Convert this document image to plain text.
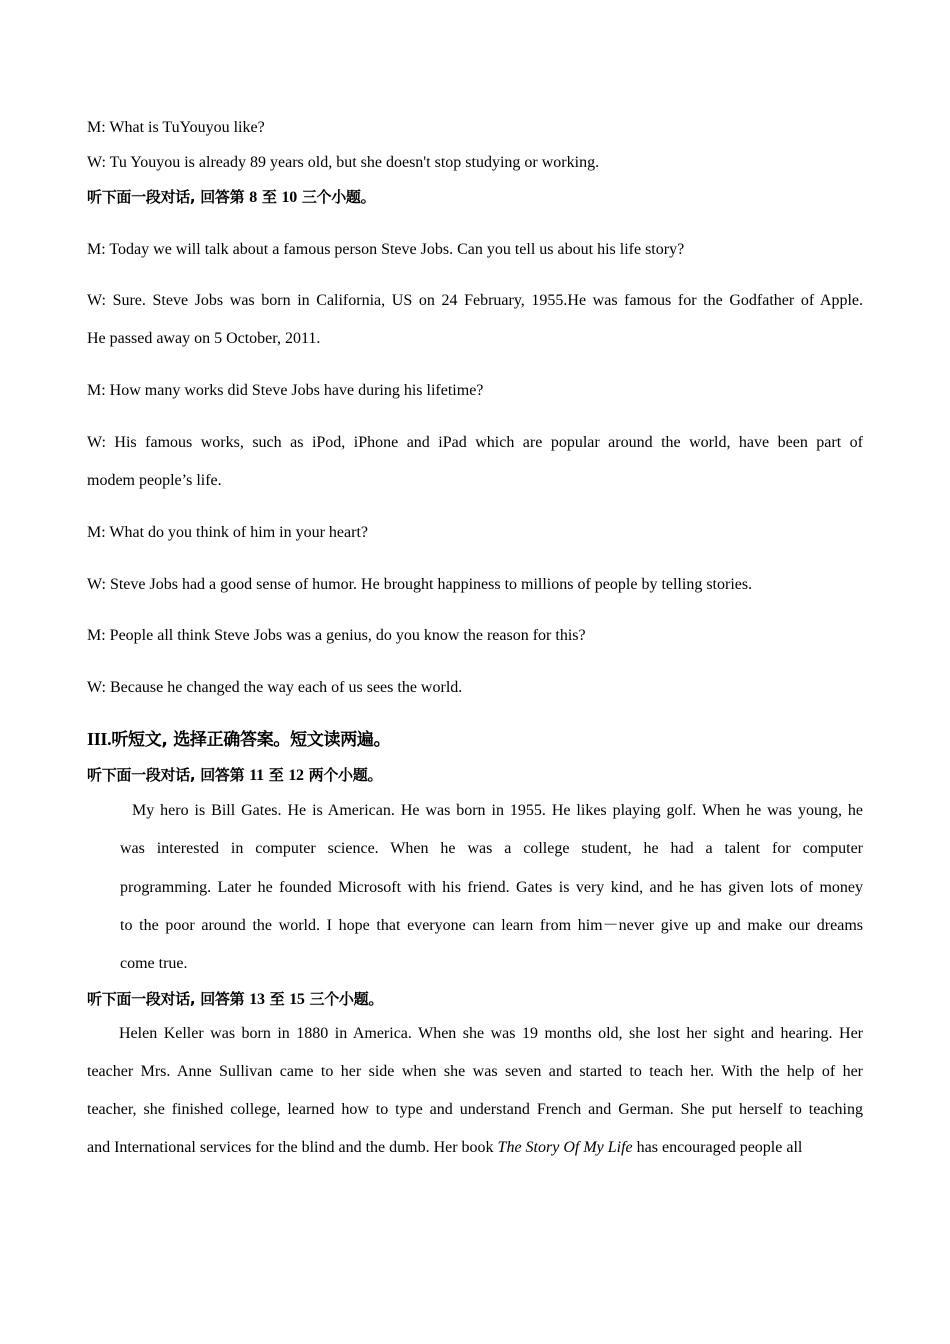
M: What is TuYouyou like?
W: Tu Youyou is already 89 years old, but she doesn't stop studying or working.
听下面一段对话, 回答第 8 至 10 三个小题。
M: Today we will talk about a famous person Steve Jobs. Can you tell us about his life story?
W: Sure. Steve Jobs was born in California, US on 24 February, 1955.He was famous for the Godfather of Apple.
He passed away on 5 October, 2011.
M: How many works did Steve Jobs have during his lifetime?
W: His famous works, such as iPod, iPhone and iPad which are popular around the world, have been part of
modem people’s life.
M: What do you think of him in your heart?
W: Steve Jobs had a good sense of humor. He brought happiness to millions of people by telling stories.
M: People all think Steve Jobs was a genius, do you know the reason for this?
W: Because he changed the way each of us sees the world.
III.听短文, 选择正确答案。短文读两遍。
听下面一段对话, 回答第 11 至 12 两个小题。
My hero is Bill Gates. He is American. He was born in 1955. He likes playing golf. When he was young, he
was interested in computer science. When he was a college student, he had a talent for computer
programming. Later he founded Microsoft with his friend. Gates is very kind, and he has given lots of money
to the poor around the world. I hope that everyone can learn from him－never give up and make our dreams
come true.
听下面一段对话, 回答第 13 至 15 三个小题。
Helen Keller was born in 1880 in America. When she was 19 months old, she lost her sight and hearing. Her
teacher Mrs. Anne Sullivan came to her side when she was seven and started to teach her. With the help of her
teacher, she finished college, learned how to type and understand French and German. She put herself to teaching
and International services for the blind and the dumb. Her book The Story Of My Life has encouraged people all
